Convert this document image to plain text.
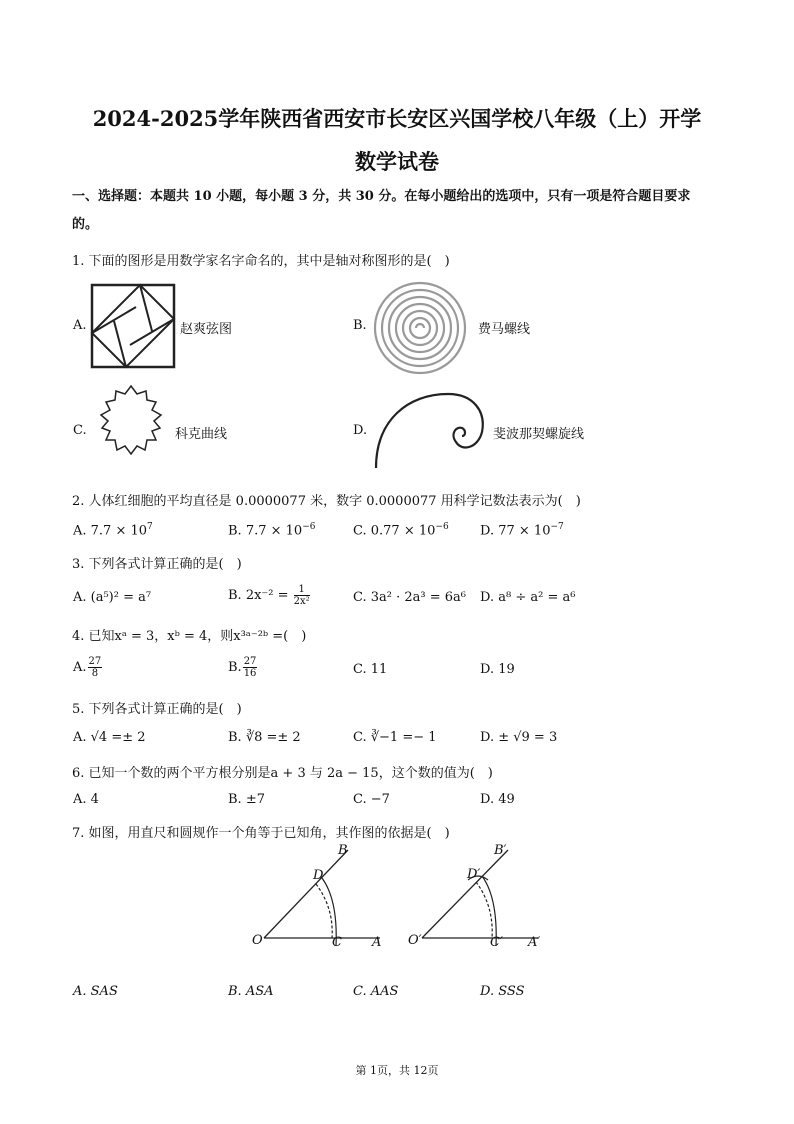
2024-2025学年陕西省西安市长安区兴国学校八年级（上）开学
数学试卷
一、选择题：本题共 10 小题，每小题 3 分，共 30 分。在每小题给出的选项中，只有一项是符合题目要求
的。
1. 下面的图形是用数学家名字命名的，其中是轴对称图形的是(　)
A.	赵爽弦图	B.	费马螺线
C.	科克曲线	D.	斐波那契螺旋线
2. 人体红细胞的平均直径是 0.0000077 米，数字 0.0000077 用科学记数法表示为(　)
A. $7.7 \times 10^7$	B. $7.7 \times 10^{-6}$	C. $0.77 \times 10^{-6}$ D. $77 \times 10^{-7}$
3. 下列各式计算正确的是(　)
A. (a⁵)² = a⁷	B. $2x^{-2} = \frac{1}{\text{2x²}}$	C. 3a² · 2a³ = 6a⁶ D. a⁸ ÷ a² = a⁶
4. 已知xᵃ = 3，xᵇ = 4，则x³ᵃ⁻²ᵇ =(　)
A. $\frac{27}{8}$	B. $\frac{27}{16}$	C. 11	D. 19
5. 下列各式计算正确的是(　)
A. √4 =± 2	B. ∛8 =± 2	C. ∛−1 =− 1	D. ± √9 = 3
6. 已知一个数的两个平方根分别是a + 3 与 2a − 15，这个数的值为(　)
A. 4	B. ±7	C. −7	D. 49
7. 如图，用直尺和圆规作一个角等于已知角，其作图的依据是(　)
O	C A
D
B
O′	C′ A′
D′
B′
A. SAS	B. ASA	C. AAS	D. SSS
第 1页，共 12页
